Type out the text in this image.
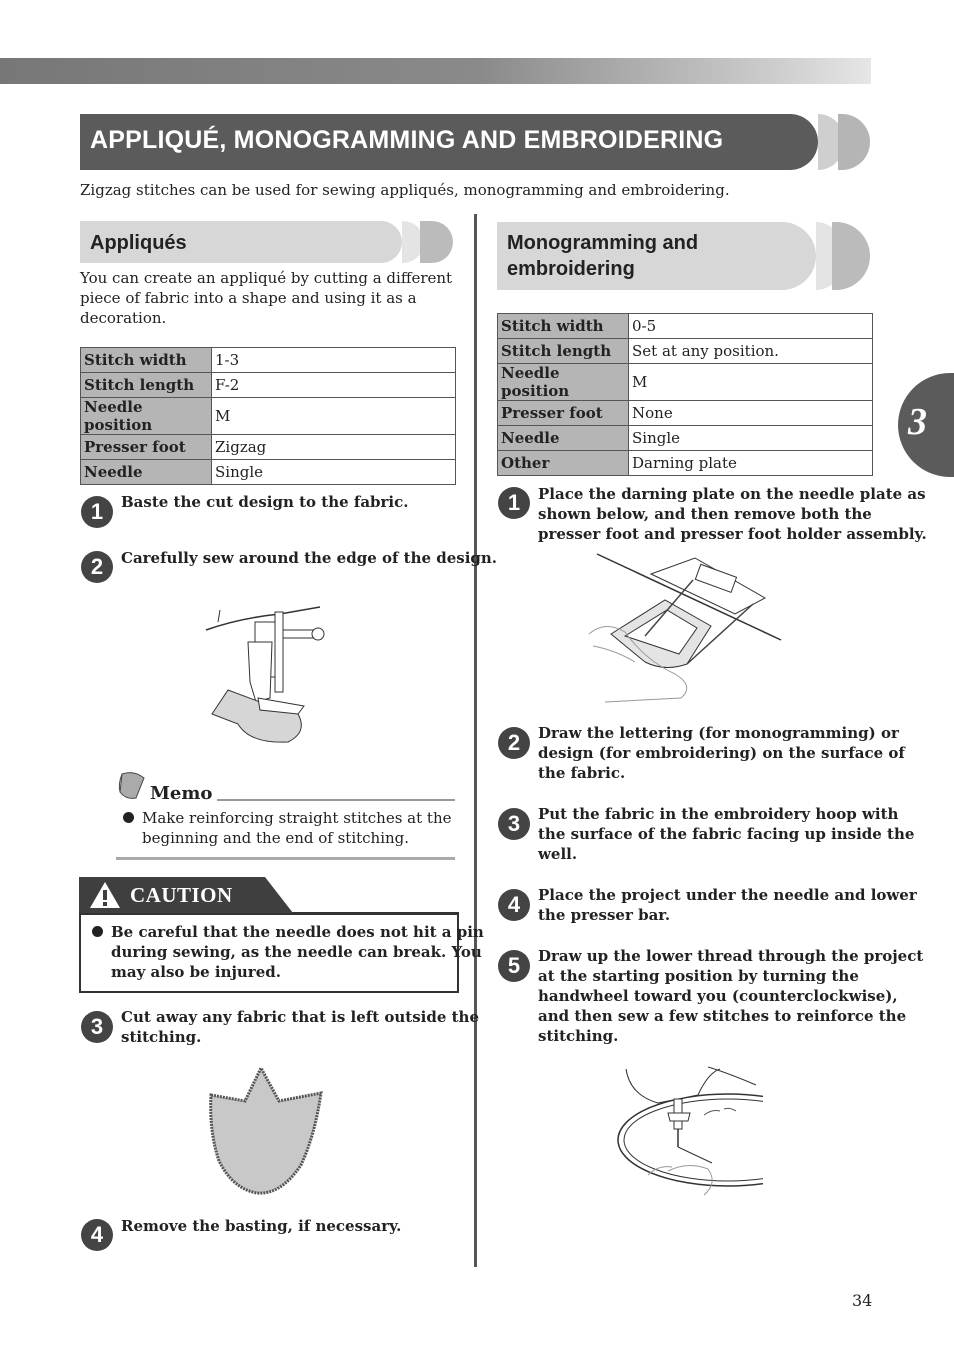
APPLIQUÉ, MONOGRAMMING AND EMBROIDERING
Zigzag stitches can be used for sewing appliqués, monogramming and embroidering.
3
Appliqués
You can create an appliqué by cutting a different
piece of fabric into a shape and using it as a
decoration.
Stitch width	1-3
Stitch length	F-2
Needle position	M
Presser foot	Zigzag
Needle	Single
1	Baste the cut design to the fabric.
2	Carefully sew around the edge of the design.
Memo
Make reinforcing straight stitches at the
beginning and the end of stitching.
CAUTION
Be careful that the needle does not hit a pin
during sewing, as the needle can break. You
may also be injured.
3	Cut away any fabric that is left outside the
stitching.
4	Remove the basting, if necessary.
Monogramming and
embroidering
Stitch width	0-5
Stitch length	Set at any position.
Needle position	M
Presser foot	None
Needle	Single
Other	Darning plate
1	Place the darning plate on the needle plate as
shown below, and then remove both the
presser foot and presser foot holder assembly.
2	Draw the lettering (for monogramming) or
design (for embroidering) on the surface of
the fabric.
3	Put the fabric in the embroidery hoop with
the surface of the fabric facing up inside the
well.
4	Place the project under the needle and lower
the presser bar.
5	Draw up the lower thread through the project
at the starting position by turning the
handwheel toward you (counterclockwise),
and then sew a few stitches to reinforce the
stitching.
34
